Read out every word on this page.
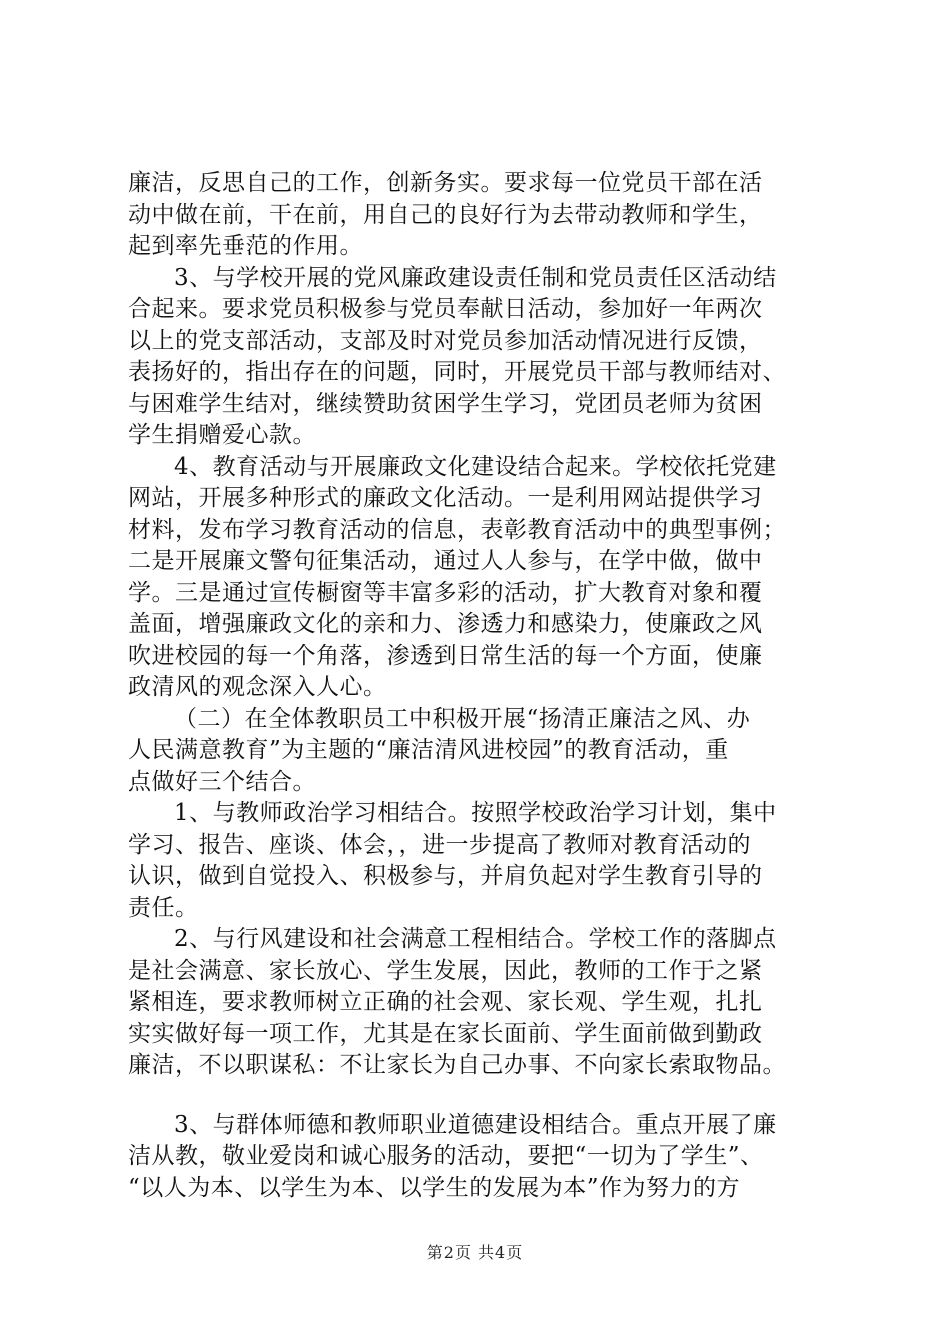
廉洁，反思自己的工作，创新务实。要求每一位党员干部在活
动中做在前，干在前，用自己的良好行为去带动教师和学生，
起到率先垂范的作用。
3、与学校开展的党风廉政建设责任制和党员责任区活动结
合起来。要求党员积极参与党员奉献日活动，参加好一年两次
以上的党支部活动，支部及时对党员参加活动情况进行反馈，
表扬好的，指出存在的问题，同时，开展党员干部与教师结对、
与困难学生结对，继续赞助贫困学生学习，党团员老师为贫困
学生捐赠爱心款。
4、教育活动与开展廉政文化建设结合起来。学校依托党建
网站，开展多种形式的廉政文化活动。一是利用网站提供学习
材料，发布学习教育活动的信息，表彰教育活动中的典型事例；
二是开展廉文警句征集活动，通过人人参与，在学中做，做中
学。三是通过宣传橱窗等丰富多彩的活动，扩大教育对象和覆
盖面，增强廉政文化的亲和力、渗透力和感染力，使廉政之风
吹进校园的每一个角落，渗透到日常生活的每一个方面，使廉
政清风的观念深入人心。
（二）在全体教职员工中积极开展“扬清正廉洁之风、办
人民满意教育”为主题的“廉洁清风进校园”的教育活动，重
点做好三个结合。
1、与教师政治学习相结合。按照学校政治学习计划，集中
学习、报告、座谈、体会，，进一步提高了教师对教育活动的
认识，做到自觉投入、积极参与，并肩负起对学生教育引导的
责任。
2、与行风建设和社会满意工程相结合。学校工作的落脚点
是社会满意、家长放心、学生发展，因此，教师的工作于之紧
紧相连，要求教师树立正确的社会观、家长观、学生观，扎扎
实实做好每一项工作，尤其是在家长面前、学生面前做到勤政
廉洁，不以职谋私：不让家长为自己办事、不向家长索取物品。
3、与群体师德和教师职业道德建设相结合。重点开展了廉
洁从教，敬业爱岗和诚心服务的活动，要把“一切为了学生”、
“以人为本、以学生为本、以学生的发展为本”作为努力的方
第2页 共4页
